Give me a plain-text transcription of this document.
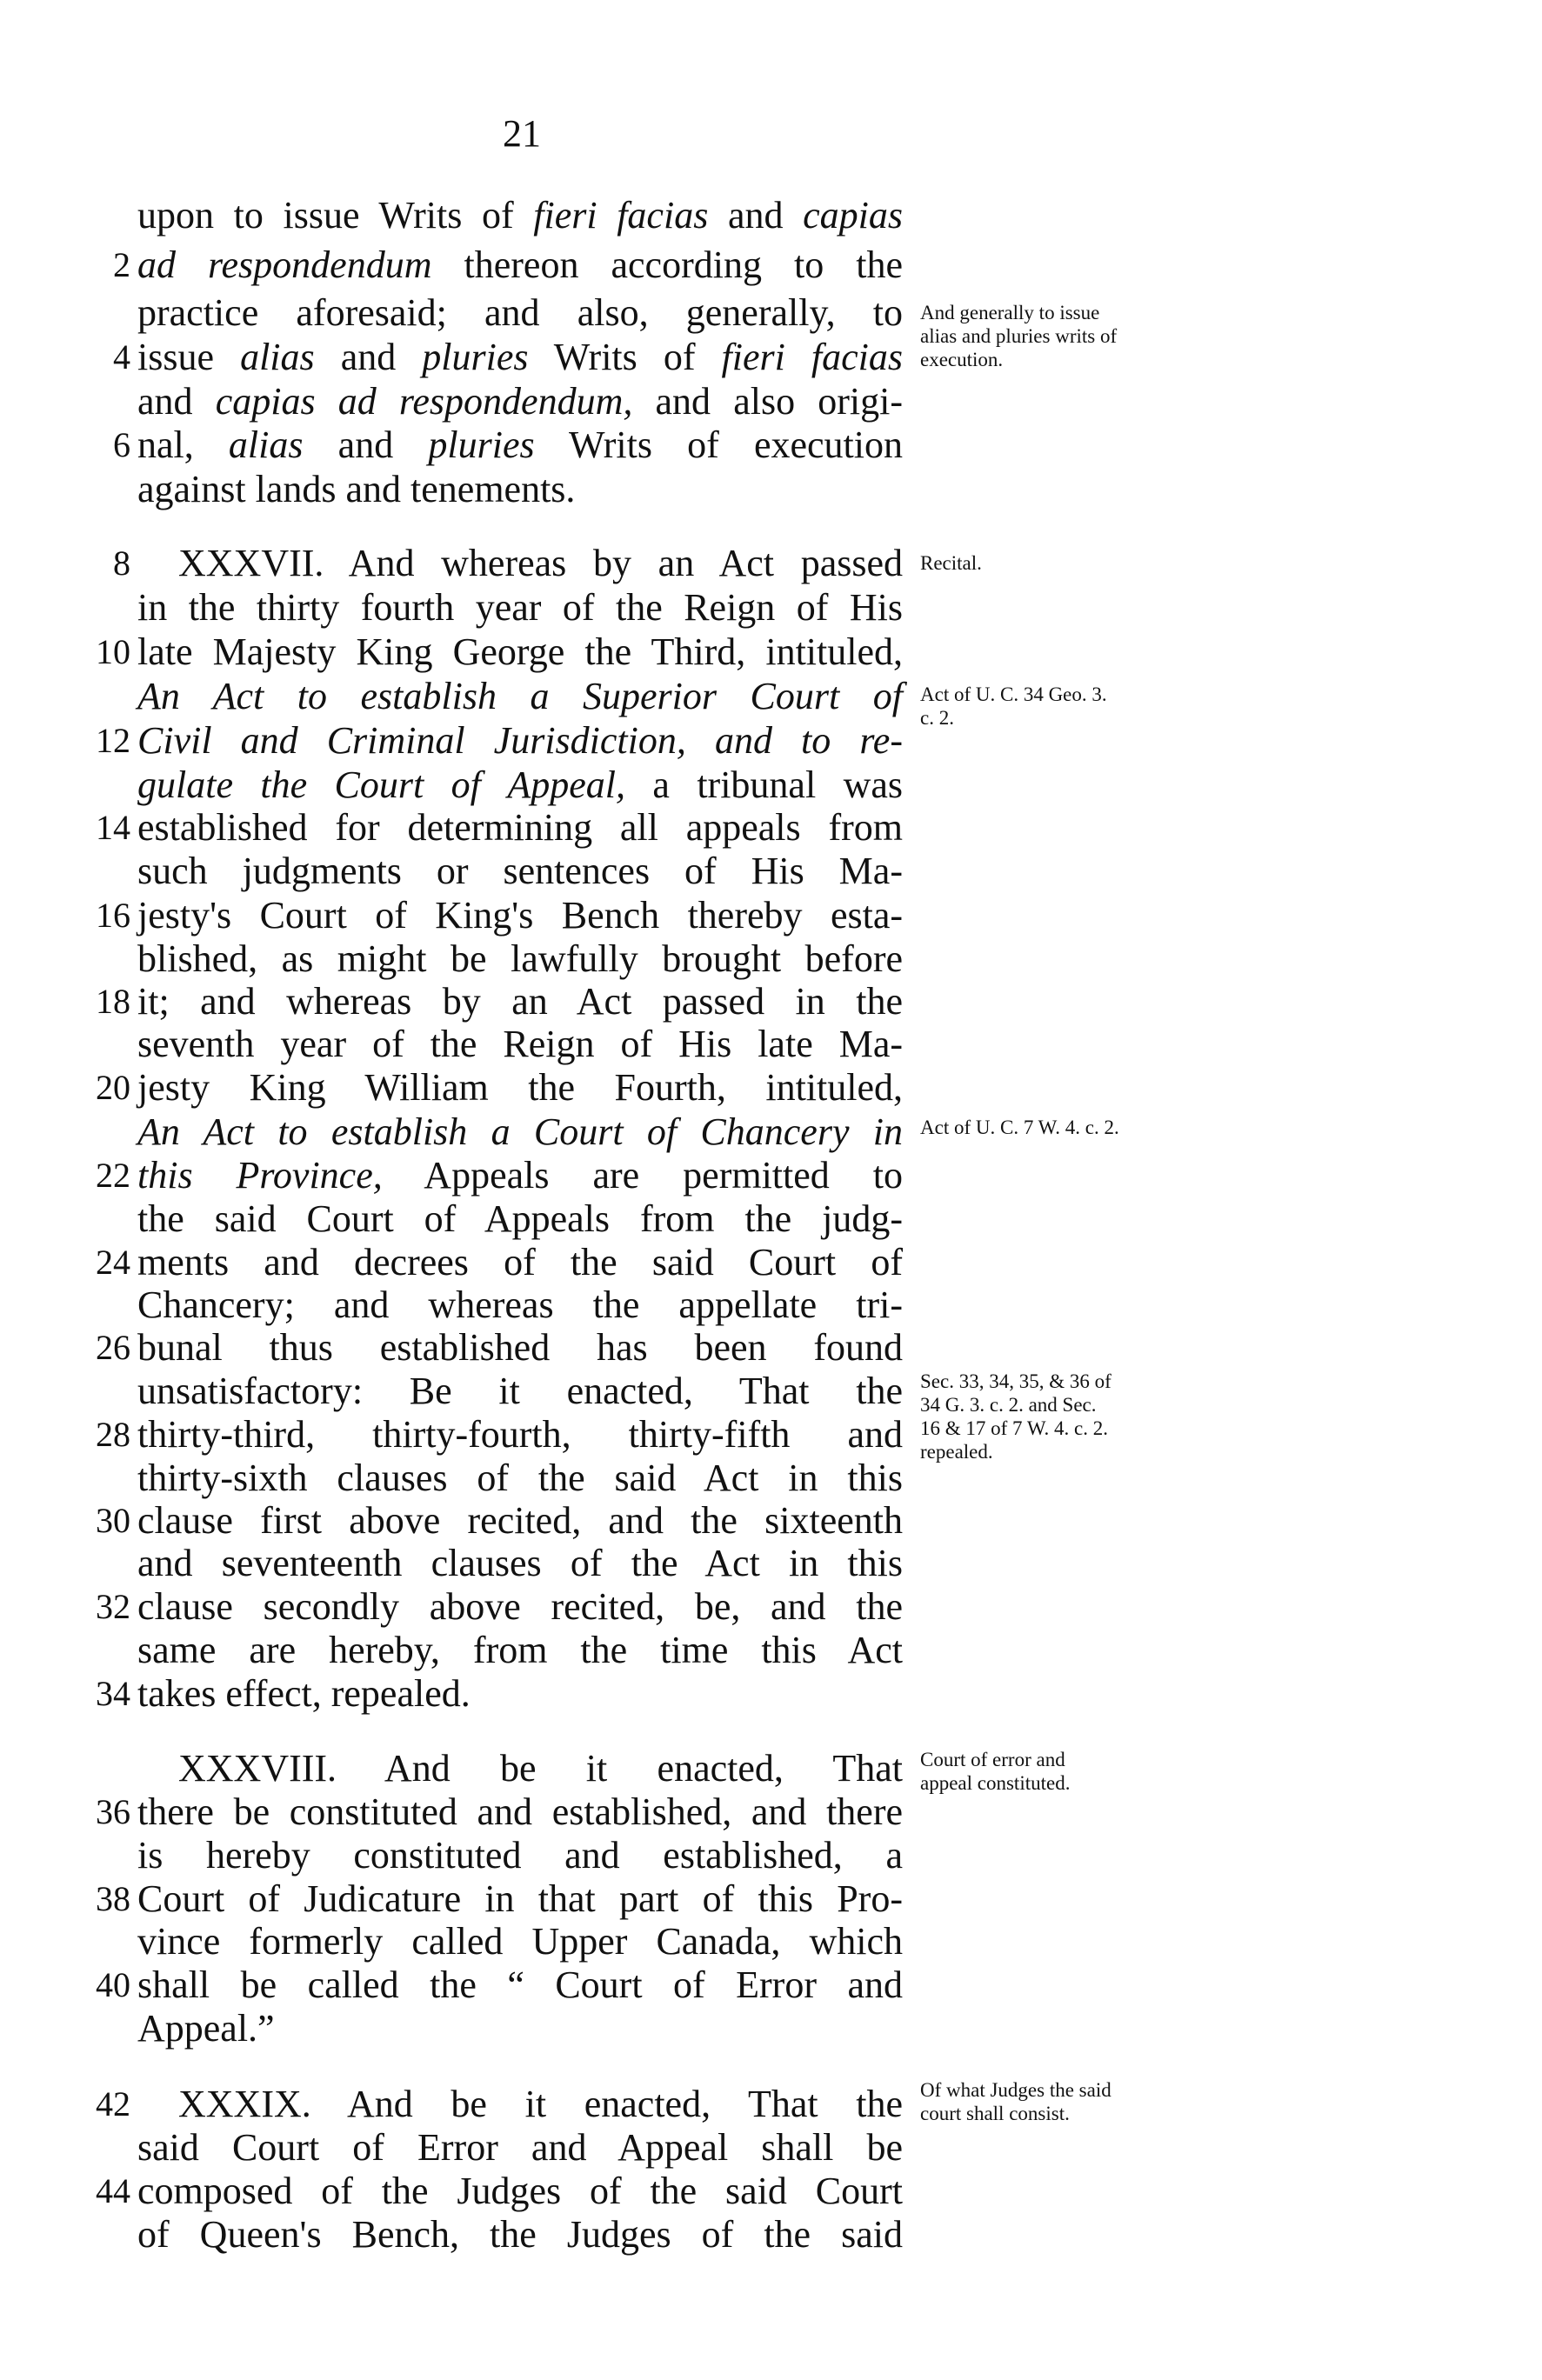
21
upon to issue Writs of fieri facias and capias
2 ad respondendum thereon according to the
practice aforesaid; and also, generally, to
4 issue alias and pluries Writs of fieri facias
and capias ad respondendum, and also origi-
6 nal, alias and pluries Writs of execution
against lands and tenements.
8 XXXVII. And whereas by an Act passed
in the thirty fourth year of the Reign of His
10 late Majesty King George the Third, intituled,
An Act to establish a Superior Court of
12 Civil and Criminal Jurisdiction, and to re-
gulate the Court of Appeal, a tribunal was
14 established for determining all appeals from
such judgments or sentences of His Ma-
16 jesty's Court of King's Bench thereby esta-
blished, as might be lawfully brought before
18 it; and whereas by an Act passed in the
seventh year of the Reign of His late Ma-
20 jesty King William the Fourth, intituled,
An Act to establish a Court of Chancery in
22 this Province, Appeals are permitted to
the said Court of Appeals from the judg-
24 ments and decrees of the said Court of
Chancery; and whereas the appellate tri-
26 bunal thus established has been found
unsatisfactory: Be it enacted, That the
28 thirty-third, thirty-fourth, thirty-fifth and
thirty-sixth clauses of the said Act in this
30 clause first above recited, and the sixteenth
and seventeenth clauses of the Act in this
32 clause secondly above recited, be, and the
same are hereby, from the time this Act
34 takes effect, repealed.
XXXVIII. And be it enacted, That
36 there be constituted and established, and there
is hereby constituted and established, a
38 Court of Judicature in that part of this Pro-
vince formerly called Upper Canada, which
40 shall be called the “ Court of Error and
Appeal.”
42 XXXIX. And be it enacted, That the
said Court of Error and Appeal shall be
44 composed of the Judges of the said Court
of Queen's Bench, the Judges of the said
And generally to issue alias and pluries writs of execution.
Recital.
Act of U. C. 34 Geo. 3. c. 2.
Act of U. C. 7 W. 4. c. 2.
Sec. 33, 34, 35, & 36 of 34 G. 3. c. 2. and Sec. 16 & 17 of 7 W. 4. c. 2. repealed.
Court of error and appeal constituted.
Of what Judges the said court shall consist.
